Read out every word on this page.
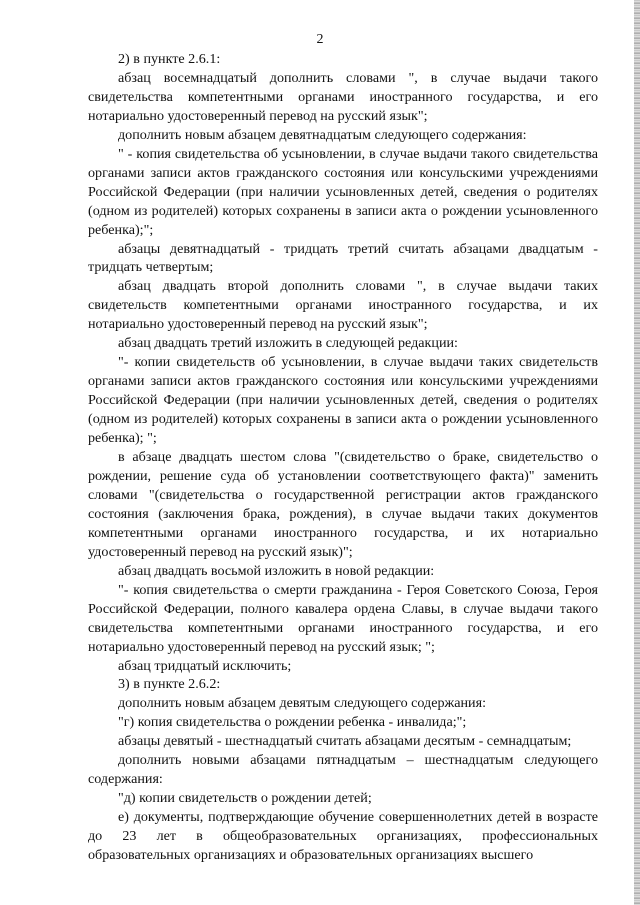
2

2) в пункте 2.6.1:

абзац восемнадцатый дополнить словами ", в случае выдачи такого свидетельства компетентными органами иностранного государства, и его нотариально удостоверенный перевод на русский язык";

дополнить новым абзацем девятнадцатым следующего содержания:

" - копия свидетельства об усыновлении, в случае выдачи такого свидетельства органами записи актов гражданского состояния или консульскими учреждениями Российской Федерации (при наличии усыновленных детей, сведения о родителях (одном из родителей) которых сохранены в записи акта о рождении усыновленного ребенка);";

абзацы девятнадцатый - тридцать третий считать абзацами двадцатым - тридцать четвертым;

абзац двадцать второй дополнить словами ", в случае выдачи таких свидетельств компетентными органами иностранного государства, и их нотариально удостоверенный перевод на русский язык";

абзац двадцать третий изложить в следующей редакции:

"- копии свидетельств об усыновлении, в случае выдачи таких свидетельств органами записи актов гражданского состояния или консульскими учреждениями Российской Федерации (при наличии усыновленных детей, сведения о родителях (одном из родителей) которых сохранены в записи акта о рождении усыновленного ребенка); ";

в абзаце двадцать шестом слова "(свидетельство о браке, свидетельство о рождении, решение суда об установлении соответствующего факта)" заменить словами "(свидетельства о государственной регистрации актов гражданского состояния (заключения брака, рождения), в случае выдачи таких документов компетентными органами иностранного государства, и их нотариально удостоверенный перевод на русский язык)";

абзац двадцать восьмой изложить в новой редакции:

"- копия свидетельства о смерти гражданина - Героя Советского Союза, Героя Российской Федерации, полного кавалера ордена Славы, в случае выдачи такого свидетельства компетентными органами иностранного государства, и его нотариально удостоверенный перевод на русский язык; ";

абзац тридцатый исключить;

3) в пункте 2.6.2:

дополнить новым абзацем девятым следующего содержания:

"г) копия свидетельства о рождении ребенка - инвалида;";

абзацы девятый - шестнадцатый считать абзацами десятым - семнадцатым;

дополнить новыми абзацами пятнадцатым – шестнадцатым следующего содержания:

"д) копии свидетельств о рождении детей;

е) документы, подтверждающие обучение совершеннолетних детей в возрасте до 23 лет в общеобразовательных организациях, профессиональных образовательных организациях и образовательных организациях высшего
